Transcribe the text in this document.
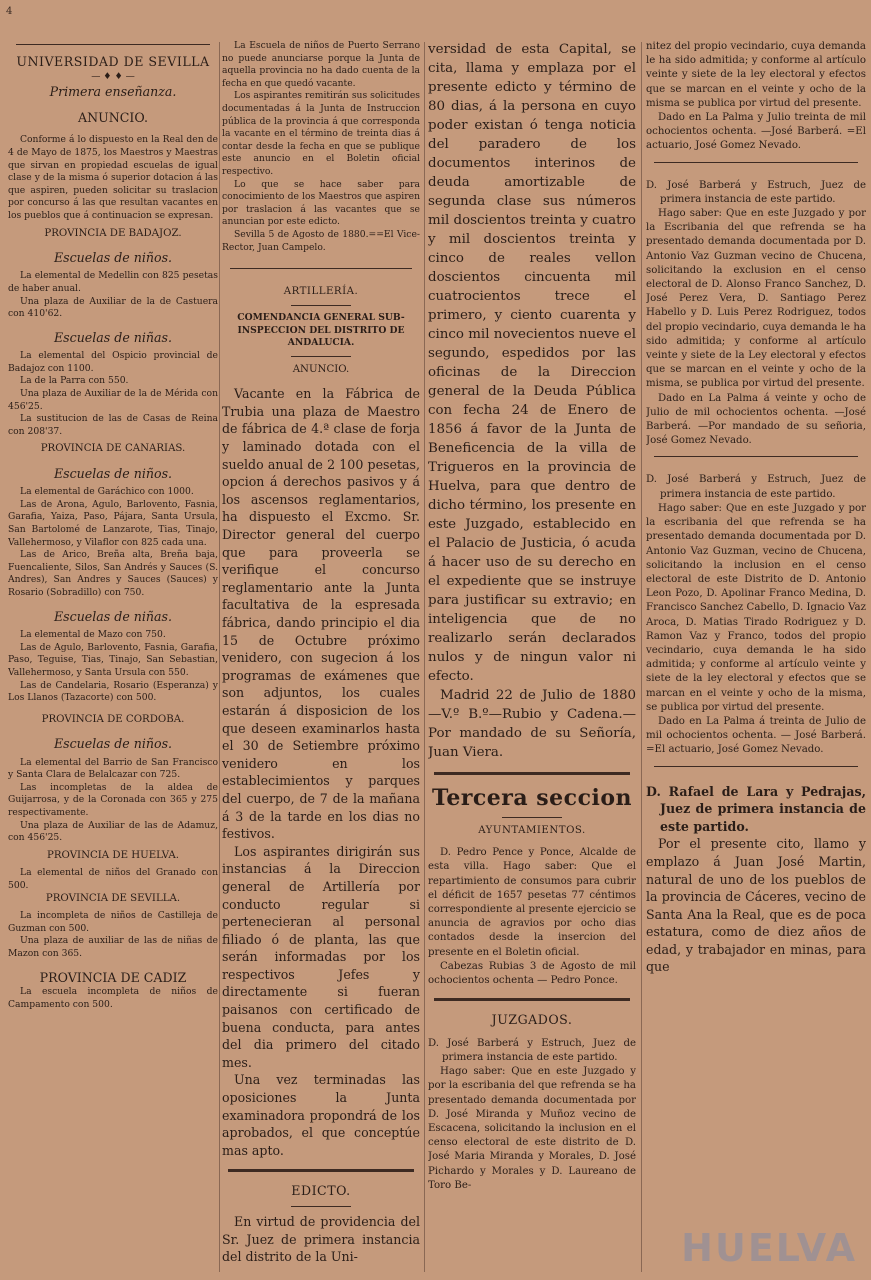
4

UNIVERSIDAD DE SEVILLA

— ♦ ♦ —

Primera enseñanza.

ANUNCIO.

Conforme á lo dispuesto en la Real den de 4 de Mayo de 1875, los Maestros y Maestras que sirvan en propiedad escuelas de igual clase y de la misma ó superior dotacion á las que aspiren, pueden solicitar su traslacion por concurso á las que resultan vacantes en los pueblos que á continuacion se expresan.

PROVINCIA DE BADAJOZ.

Escuelas de niños.

La elemental de Medellin con 825 pesetas de haber anual.

Una plaza de Auxiliar de la de Castuera con 410'62.

Escuelas de niñas.

La elemental del Ospicio provincial de Badajoz con 1100.

La de la Parra con 550.

Una plaza de Auxiliar de la de Mérida con 456'25.

La sustitucion de las de Casas de Reina con 208'37.

PROVINCIA DE CANARIAS.

Escuelas de niños.

La elemental de Garáchico con 1000.

Las de Arona, Agulo, Barlovento, Fasnia, Garafia, Yaiza, Paso, Pájara, Santa Ursula, San Bartolomé de Lanzarote, Tias, Tinajo, Vallehermoso, y Vilaflor con 825 cada una.

Las de Arico, Breña alta, Breña baja, Fuencaliente, Silos, San Andrés y Sauces (S. Andres), San Andres y Sauces (Sauces) y Rosario (Sobradillo) con 750.

Escuelas de niñas.

La elemental de Mazo con 750.

Las de Agulo, Barlovento, Fasnia, Garafia, Paso, Teguise, Tias, Tinajo, San Sebastian, Vallehermoso, y Santa Ursula con 550.

Las de Candelaria, Rosario (Esperanza) y Los Llanos (Tazacorte) con 500.

PROVINCIA DE CORDOBA.

Escuelas de niños.

La elemental del Barrio de San Francisco y Santa Clara de Belalcazar con 725.

Las incompletas de la aldea de Guijarrosa, y de la Coronada con 365 y 275 respectivamente.

Una plaza de Auxiliar de las de Adamuz, con 456'25.

PROVINCIA DE HUELVA.

La elemental de niños del Granado con 500.

PROVINCIA DE SEVILLA.

La incompleta de niños de Castilleja de Guzman con 500.

Una plaza de auxiliar de las de niñas de Mazon con 365.

PROVINCIA DE CADIZ

La escuela incompleta de niños de Campamento con 500.

La Escuela de niños de Puerto Serrano no puede anunciarse porque la Junta de aquella provincia no ha dado cuenta de la fecha en que quedó vacante.

Los aspirantes remitirán sus solicitudes documentadas á la Junta de Instruccion pública de la provincia á que corresponda la vacante en el término de treinta dias á contar desde la fecha en que se publique este anuncio en el Boletin oficial respectivo.

Lo que se hace saber para conocimiento de los Maestros que aspiren por traslacion á las vacantes que se anuncian por este edicto.

Sevilla 5 de Agosto de 1880.==El Vice-Rector, Juan Campelo.

ARTILLERÍA.

COMENDANCIA GENERAL SUB-INSPECCION DEL DISTRITO DE ANDALUCIA.

ANUNCIO.

Vacante en la Fábrica de Trubia una plaza de Maestro de fábrica de 4.ª clase de forja y laminado dotada con el sueldo anual de 2 100 pesetas, opcion á derechos pasivos y á los ascensos reglamentarios, ha dispuesto el Excmo. Sr. Director general del cuerpo que para proveerla se verifique el concurso reglamentario ante la Junta facultativa de la espresada fábrica, dando principio el dia 15 de Octubre próximo venidero, con sugecion á los programas de exámenes que son adjuntos, los cuales estarán á disposicion de los que deseen examinarlos hasta el 30 de Setiembre próximo venidero en los establecimientos y parques del cuerpo, de 7 de la mañana á 3 de la tarde en los dias no festivos.

Los aspirantes dirigirán sus instancias á la Direccion general de Artillería por conducto regular si pertenecieran al personal filiado ó de planta, las que serán informadas por los respectivos Jefes y directamente si fueran paisanos con certificado de buena conducta, para antes del dia primero del citado mes.

Una vez terminadas las oposiciones la Junta examinadora propondrá de los aprobados, el que conceptúe mas apto.

EDICTO.

En virtud de providencia del Sr. Juez de primera instancia del distrito de la Uni-

versidad de esta Capital, se cita, llama y emplaza por el presente edicto y término de 80 dias, á la persona en cuyo poder existan ó tenga noticia del paradero de los documentos interinos de deuda amortizable de segunda clase sus números mil doscientos treinta y cuatro y mil doscientos treinta y cinco de reales vellon doscientos cincuenta mil cuatrocientos trece el primero, y ciento cuarenta y cinco mil novecientos nueve el segundo, espedidos por las oficinas de la Direccion general de la Deuda Pública con fecha 24 de Enero de 1856 á favor de la Junta de Beneficencia de la villa de Trigueros en la provincia de Huelva, para que dentro de dicho término, los presente en este Juzgado, establecido en el Palacio de Justicia, ó acuda á hacer uso de su derecho en el expediente que se instruye para justificar su extravio; en inteligencia que de no realizarlo serán declarados nulos y de ningun valor ni efecto.

Madrid 22 de Julio de 1880—V.º B.º—Rubio y Cadena.—Por mandado de su Señoría, Juan Viera.

Tercera seccion

AYUNTAMIENTOS.

D. Pedro Pence y Ponce, Alcalde de esta villa. Hago saber: Que el repartimiento de consumos para cubrir el déficit de 1657 pesetas 77 céntimos correspondiente al presente ejercicio se anuncia de agravios por ocho dias contados desde la insercion del presente en el Boletin oficial.

Cabezas Rubias 3 de Agosto de mil ochocientos ochenta — Pedro Ponce.

JUZGADOS.

D. José Barberá y Estruch, Juez de primera instancia de este partido.

Hago saber: Que en este Juzgado y por la escribania del que refrenda se ha presentado demanda documentada por D. José Miranda y Muñoz vecino de Escacena, solicitando la inclusion en el censo electoral de este distrito de D. José Maria Miranda y Morales, D. José Pichardo y Morales y D. Laureano de Toro Be-

nitez del propio vecindario, cuya demanda le ha sido admitida; y conforme al artículo veinte y siete de la ley electoral y efectos que se marcan en el veinte y ocho de la misma se publica por virtud del presente.

Dado en La Palma y Julio treinta de mil ochocientos ochenta. —José Barberá. =El actuario, José Gomez Nevado.

D. José Barberá y Estruch, Juez de primera instancia de este partido.

Hago saber: Que en este Juzgado y por la Escribania del que refrenda se ha presentado demanda documentada por D. Antonio Vaz Guzman vecino de Chucena, solicitando la exclusion en el censo electoral de D. Alonso Franco Sanchez, D. José Perez Vera, D. Santiago Perez Habello y D. Luis Perez Rodriguez, todos del propio vecindario, cuya demanda le ha sido admitida; y conforme al artículo veinte y siete de la Ley electoral y efectos que se marcan en el veinte y ocho de la misma, se publica por virtud del presente.

Dado en La Palma á veinte y ocho de Julio de mil ochocientos ochenta. —José Barberá. —Por mandado de su señoria, José Gomez Nevado.

D. José Barberá y Estruch, Juez de primera instancia de este partido.

Hago saber: Que en este Juzgado y por la escribania del que refrenda se ha presentado demanda documentada por D. Antonio Vaz Guzman, vecino de Chucena, solicitando la inclusion en el censo electoral de este Distrito de D. Antonio Leon Pozo, D. Apolinar Franco Medina, D. Francisco Sanchez Cabello, D. Ignacio Vaz Aroca, D. Matias Tirado Rodriguez y D. Ramon Vaz y Franco, todos del propio vecindario, cuya demanda le ha sido admitida; y conforme al artículo veinte y siete de la ley electoral y efectos que se marcan en el veinte y ocho de la misma, se publica por virtud del presente.

Dado en La Palma á treinta de Julio de mil ochocientos ochenta. — José Barberá. =El actuario, José Gomez Nevado.

D. Rafael de Lara y Pedrajas, Juez de primera instancia de este partido.

Por el presente cito, llamo y emplazo á Juan José Martin, natural de uno de los pueblos de la provincia de Cáceres, vecino de Santa Ana la Real, que es de poca estatura, como de diez años de edad, y trabajador en minas, para que

HUELVA
